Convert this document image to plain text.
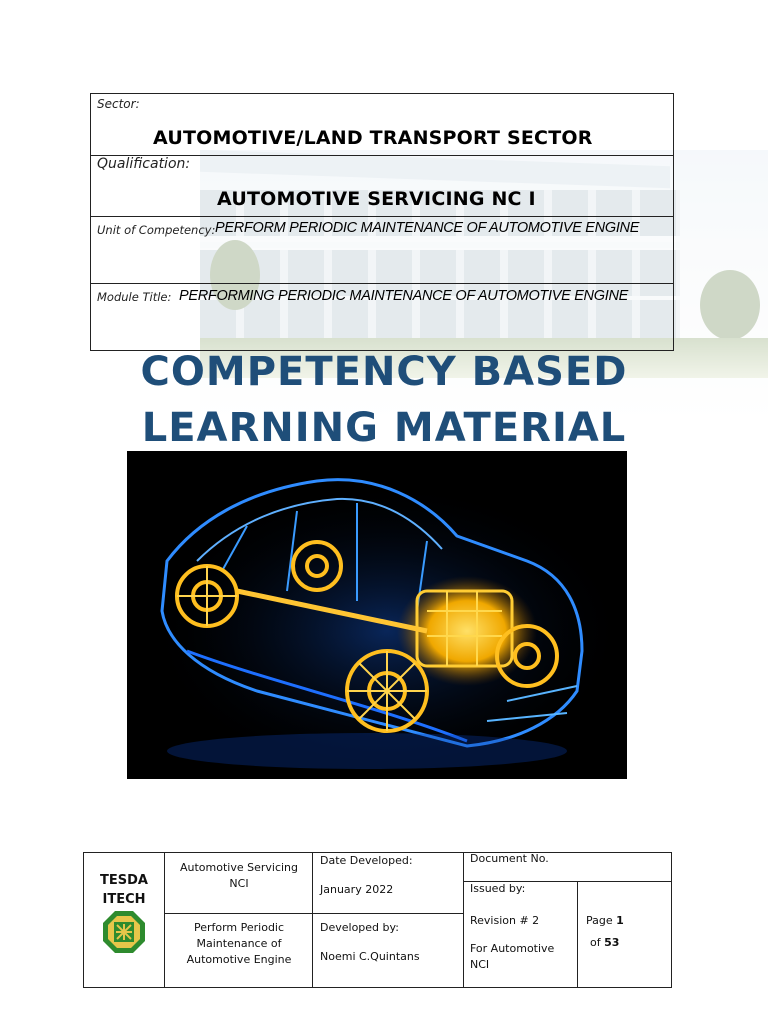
Sector:
AUTOMOTIVE/LAND TRANSPORT SECTOR
Qualification:
AUTOMOTIVE SERVICING NC I
Unit of Competency: PERFORM PERIODIC MAINTENANCE OF AUTOMOTIVE ENGINE
Module Title: PERFORMING PERIODIC MAINTENANCE OF AUTOMOTIVE ENGINE
COMPETENCY BASED
LEARNING MATERIAL
TESDA
ITECH
Automotive Servicing NCI
Perform Periodic Maintenance of Automotive Engine
Date Developed:
January 2022
Developed by:
Noemi C.Quintans
Document No.
Issued by:
Revision # 2
For Automotive NCI
Page 1
of 53
